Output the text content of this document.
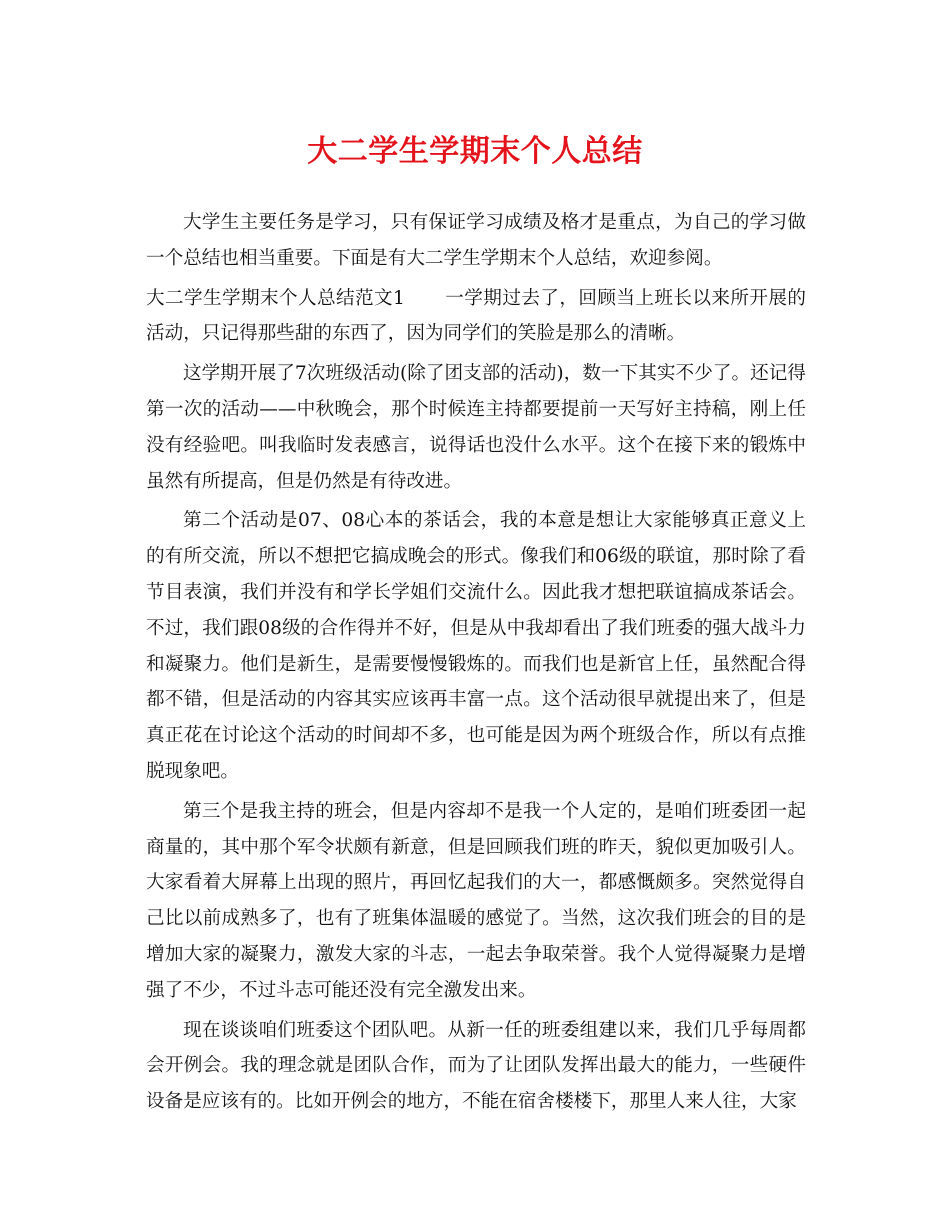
大二学生学期末个人总结

大学生主要任务是学习，只有保证学习成绩及格才是重点，为自己的学习做一个总结也相当重要。下面是有大二学生学期末个人总结，欢迎参阅。

大二学生学期末个人总结范文1 一学期过去了，回顾当上班长以来所开展的活动，只记得那些甜的东西了，因为同学们的笑脸是那么的清晰。

这学期开展了7次班级活动(除了团支部的活动)，数一下其实不少了。还记得第一次的活动——中秋晚会，那个时候连主持都要提前一天写好主持稿，刚上任没有经验吧。叫我临时发表感言，说得话也没什么水平。这个在接下来的锻炼中虽然有所提高，但是仍然是有待改进。

第二个活动是07、08心本的茶话会，我的本意是想让大家能够真正意义上的有所交流，所以不想把它搞成晚会的形式。像我们和06级的联谊，那时除了看节目表演，我们并没有和学长学姐们交流什么。因此我才想把联谊搞成茶话会。不过，我们跟08级的合作得并不好，但是从中我却看出了我们班委的强大战斗力和凝聚力。他们是新生，是需要慢慢锻炼的。而我们也是新官上任，虽然配合得都不错，但是活动的内容其实应该再丰富一点。这个活动很早就提出来了，但是真正花在讨论这个活动的时间却不多，也可能是因为两个班级合作，所以有点推脱现象吧。

第三个是我主持的班会，但是内容却不是我一个人定的，是咱们班委团一起商量的，其中那个军令状颇有新意，但是回顾我们班的昨天，貌似更加吸引人。大家看着大屏幕上出现的照片，再回忆起我们的大一，都感慨颇多。突然觉得自己比以前成熟多了，也有了班集体温暖的感觉了。当然，这次我们班会的目的是增加大家的凝聚力，激发大家的斗志，一起去争取荣誉。我个人觉得凝聚力是增强了不少，不过斗志可能还没有完全激发出来。

现在谈谈咱们班委这个团队吧。从新一任的班委组建以来，我们几乎每周都会开例会。我的理念就是团队合作，而为了让团队发挥出最大的能力，一些硬件设备是应该有的。比如开例会的地方，不能在宿舍楼楼下，那里人来人往，大家
